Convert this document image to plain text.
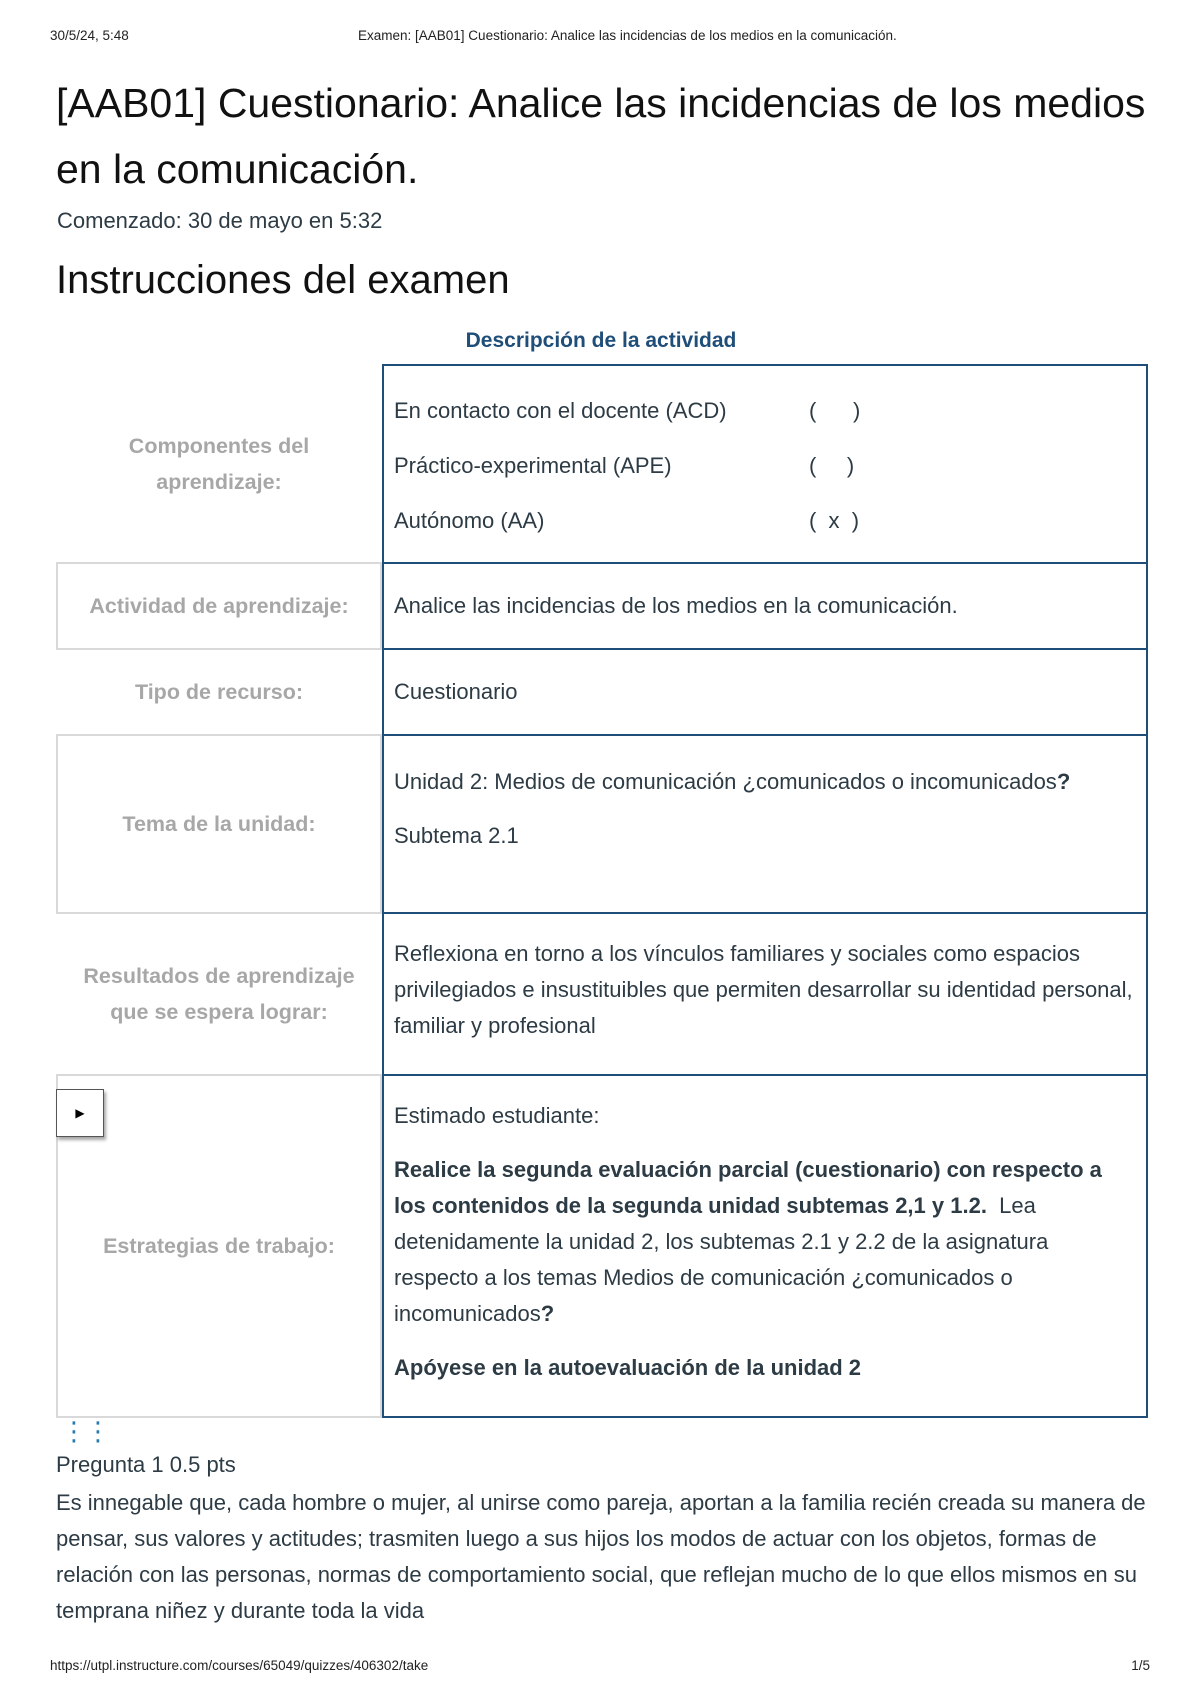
30/5/24, 5:48	Examen: [AAB01] Cuestionario: Analice las incidencias de los medios en la comunicación.
[AAB01] Cuestionario: Analice las incidencias de los medios en la comunicación.
Comenzado: 30 de mayo en 5:32
Instrucciones del examen
Descripción de la actividad
Componentes del aprendizaje:
En contacto con el docente (ACD)	(      )
Práctico-experimental (APE)	(     )
Autónomo (AA)	(  x  )
Actividad de aprendizaje:	Analice las incidencias de los medios en la comunicación.
Tipo de recurso:	Cuestionario
Tema de la unidad:

Unidad 2: Medios de comunicación ¿comunicados o incomunicados?

Subtema 2.1

Resultados de aprendizaje que se espera lograr:

Reflexiona en torno a los vínculos familiares y sociales como espacios privilegiados e insustituibles que permiten desarrollar su identidad personal, familiar y profesional

Estrategias de trabajo:

Estimado estudiante:

Realice la segunda evaluación parcial (cuestionario) con respecto a los contenidos de la segunda unidad subtemas 2,1 y 1.2.  Lea detenidamente la unidad 2, los subtemas 2.1 y 2.2 de la asignatura respecto a los temas Medios de comunicación ¿comunicados o incomunicados?

Apóyese en la autoevaluación de la unidad 2

▶
⋮⋮
Pregunta 1 0.5 pts
Es innegable que, cada hombre o mujer, al unirse como pareja, aportan a la familia recién creada su manera de pensar, sus valores y actitudes; trasmiten luego a sus hijos los modos de actuar con los objetos, formas de relación con las personas, normas de comportamiento social, que reflejan mucho de lo que ellos mismos en su temprana niñez y durante toda la vida
https://utpl.instructure.com/courses/65049/quizzes/406302/take	1/5
